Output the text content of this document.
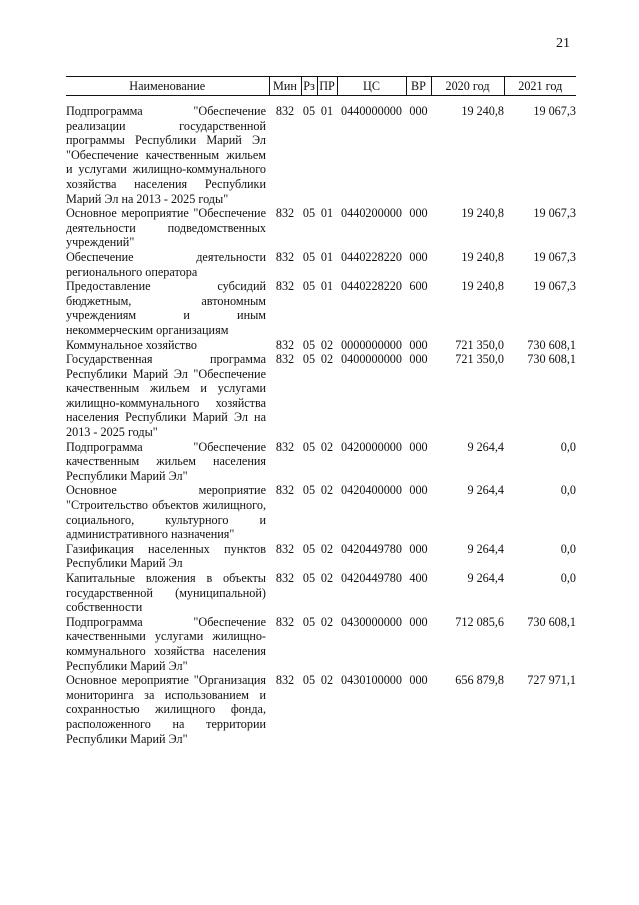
21
Наименование	Мин	Рз	ПР	ЦС	ВР	2020 год	2021 год

Подпрограмма "Обеспечение реализации государственной программы Республики Марий Эл "Обеспечение качественным жильем и услугами жилищно-коммунального хозяйства населения Республики Марий Эл на 2013 - 2025 годы"	832	05	01	0440000000	000	19 240,8	19 067,3
Основное мероприятие "Обеспечение деятельности подведомственных учреждений"	832	05	01	0440200000	000	19 240,8	19 067,3
Обеспечение деятельности регионального оператора	832	05	01	0440228220	000	19 240,8	19 067,3
Предоставление субсидий бюджетным, автономным учреждениям и иным некоммерческим организациям	832	05	01	0440228220	600	19 240,8	19 067,3
Коммунальное хозяйство	832	05	02	0000000000	000	721 350,0	730 608,1
Государственная программа Республики Марий Эл "Обеспечение качественным жильем и услугами жилищно-коммунального хозяйства населения Республики Марий Эл на 2013 - 2025 годы"	832	05	02	0400000000	000	721 350,0	730 608,1
Подпрограмма "Обеспечение качественным жильем населения Республики Марий Эл"	832	05	02	0420000000	000	9 264,4	0,0
Основное мероприятие "Строительство объектов жилищного, социального, культурного и административного назначения"	832	05	02	0420400000	000	9 264,4	0,0
Газификация населенных пунктов Республики Марий Эл	832	05	02	0420449780	000	9 264,4	0,0
Капитальные вложения в объекты государственной (муниципальной) собственности	832	05	02	0420449780	400	9 264,4	0,0
Подпрограмма "Обеспечение качественными услугами жилищно-коммунального хозяйства населения Республики Марий Эл"	832	05	02	0430000000	000	712 085,6	730 608,1
Основное мероприятие "Организация мониторинга за использованием и сохранностью жилищного фонда, расположенного на территории Республики Марий Эл"	832	05	02	0430100000	000	656 879,8	727 971,1
